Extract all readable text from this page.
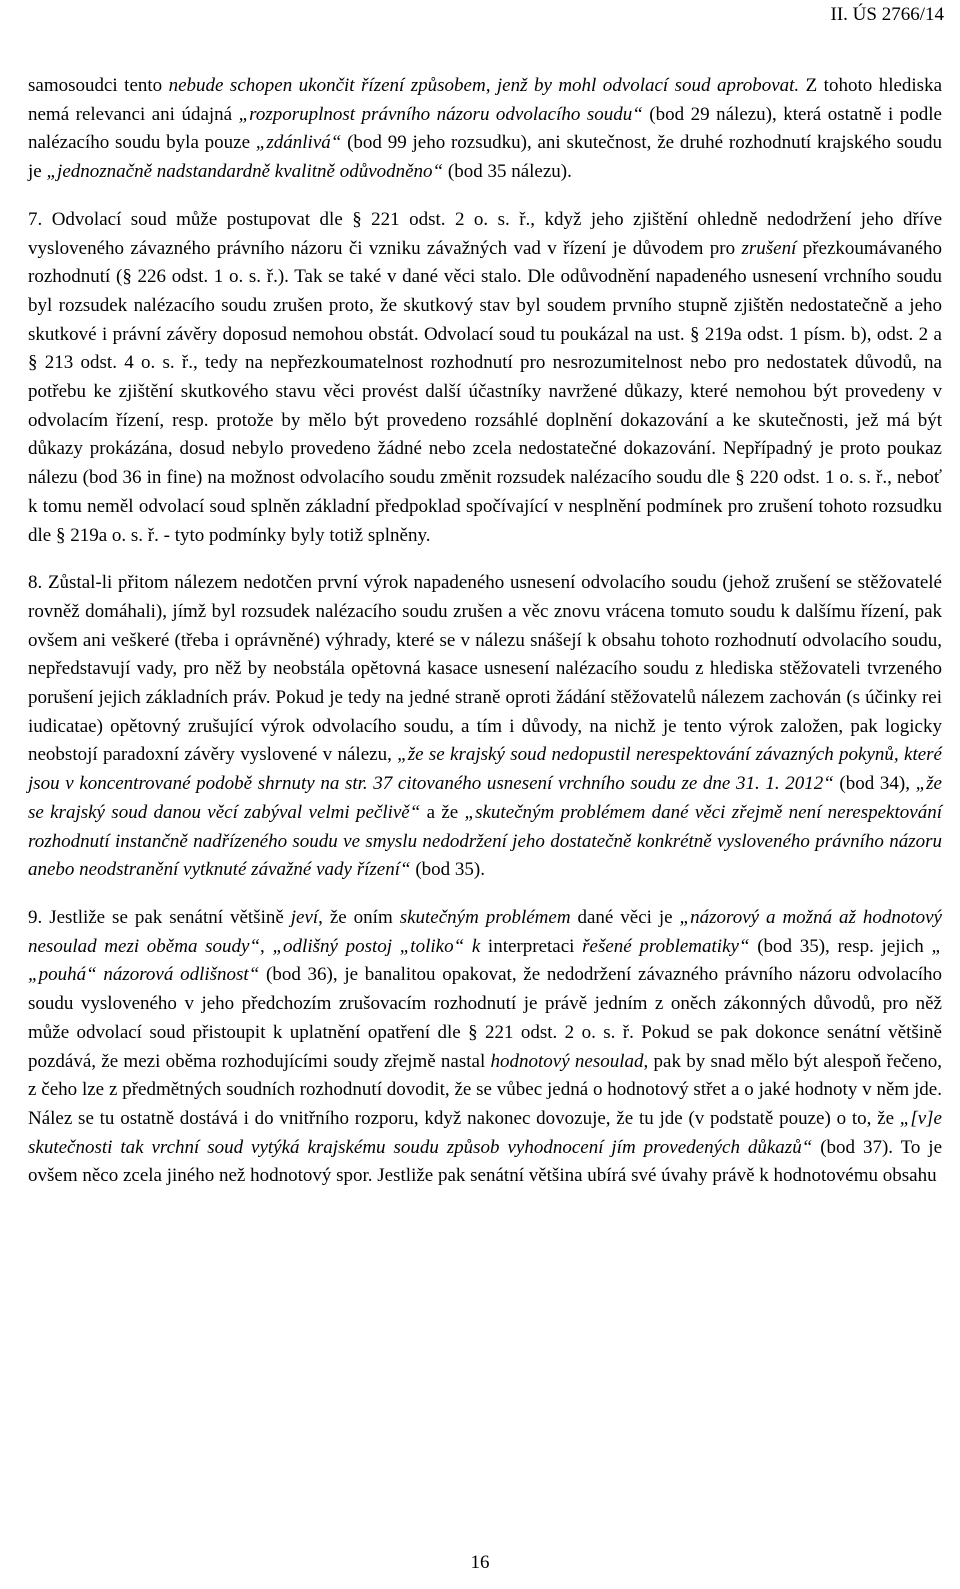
II. ÚS 2766/14

samosoudci tento nebude schopen ukončit řízení způsobem, jenž by mohl odvolací soud aprobovat. Z tohoto hlediska nemá relevanci ani údajná „rozporuplnost právního názoru odvolacího soudu“ (bod 29 nálezu), která ostatně i podle nalézacího soudu byla pouze „zdánlivá“ (bod 99 jeho rozsudku), ani skutečnost, že druhé rozhodnutí krajského soudu je „jednoznačně nadstandardně kvalitně odůvodněno“ (bod 35 nálezu).

7. Odvolací soud může postupovat dle § 221 odst. 2 o. s. ř., když jeho zjištění ohledně nedodržení jeho dříve vysloveného závazného právního názoru či vzniku závažných vad v řízení je důvodem pro zrušení přezkoumávaného rozhodnutí (§ 226 odst. 1 o. s. ř.). Tak se také v dané věci stalo. Dle odůvodnění napadeného usnesení vrchního soudu byl rozsudek nalézacího soudu zrušen proto, že skutkový stav byl soudem prvního stupně zjištěn nedostatečně a jeho skutkové i právní závěry doposud nemohou obstát. Odvolací soud tu poukázal na ust. § 219a odst. 1 písm. b), odst. 2 a § 213 odst. 4 o. s. ř., tedy na nepřezkoumatelnost rozhodnutí pro nesrozumitelnost nebo pro nedostatek důvodů, na potřebu ke zjištění skutkového stavu věci provést další účastníky navržené důkazy, které nemohou být provedeny v odvolacím řízení, resp. protože by mělo být provedeno rozsáhlé doplnění dokazování a ke skutečnosti, jež má být důkazy prokázána, dosud nebylo provedeno žádné nebo zcela nedostatečné dokazování. Nepřípadný je proto poukaz nálezu (bod 36 in fine) na možnost odvolacího soudu změnit rozsudek nalézacího soudu dle § 220 odst. 1 o. s. ř., neboť k tomu neměl odvolací soud splněn základní předpoklad spočívající v nesplnění podmínek pro zrušení tohoto rozsudku dle § 219a o. s. ř. - tyto podmínky byly totiž splněny.

8. Zůstal-li přitom nálezem nedotčen první výrok napadeného usnesení odvolacího soudu (jehož zrušení se stěžovatelé rovněž domáhali), jímž byl rozsudek nalézacího soudu zrušen a věc znovu vrácena tomuto soudu k dalšímu řízení, pak ovšem ani veškeré (třeba i oprávněné) výhrady, které se v nálezu snášejí k obsahu tohoto rozhodnutí odvolacího soudu, nepředstavují vady, pro něž by neobstála opětovná kasace usnesení nalézacího soudu z hlediska stěžovateli tvrzeného porušení jejich základních práv. Pokud je tedy na jedné straně oproti žádání stěžovatelů nálezem zachován (s účinky rei iudicatae) opětovný zrušující výrok odvolacího soudu, a tím i důvody, na nichž je tento výrok založen, pak logicky neobstojí paradoxní závěry vyslovené v nálezu, „že se krajský soud nedopustil nerespektování závazných pokynů, které jsou v koncentrované podobě shrnuty na str. 37 citovaného usnesení vrchního soudu ze dne 31. 1. 2012“ (bod 34), „že se krajský soud danou věcí zabýval velmi pečlivě“ a že „skutečným problémem dané věci zřejmě není nerespektování rozhodnutí instančně nadřízeného soudu ve smyslu nedodržení jeho dostatečně konkrétně vysloveného právního názoru anebo neodstranění vytknuté závažné vady řízení“ (bod 35).

9. Jestliže se pak senátní většině jeví, že oním skutečným problémem dané věci je „názorový a možná až hodnotový nesoulad mezi oběma soudy“, „odlišný postoj „toliko“ k interpretaci řešené problematiky“ (bod 35), resp. jejich „ „pouhá“ názorová odlišnost“ (bod 36), je banalitou opakovat, že nedodržení závazného právního názoru odvolacího soudu vysloveného v jeho předchozím zrušovacím rozhodnutí je právě jedním z oněch zákonných důvodů, pro něž může odvolací soud přistoupit k uplatnění opatření dle § 221 odst. 2 o. s. ř. Pokud se pak dokonce senátní většině pozdává, že mezi oběma rozhodujícími soudy zřejmě nastal hodnotový nesoulad, pak by snad mělo být alespoň řečeno, z čeho lze z předmětných soudních rozhodnutí dovodit, že se vůbec jedná o hodnotový střet a o jaké hodnoty v něm jde. Nález se tu ostatně dostává i do vnitřního rozporu, když nakonec dovozuje, že tu jde (v podstatě pouze) o to, že „[v]e skutečnosti tak vrchní soud vytýká krajskému soudu způsob vyhodnocení jím provedených důkazů“ (bod 37). To je ovšem něco zcela jiného než hodnotový spor. Jestliže pak senátní většina ubírá své úvahy právě k hodnotovému obsahu

16
